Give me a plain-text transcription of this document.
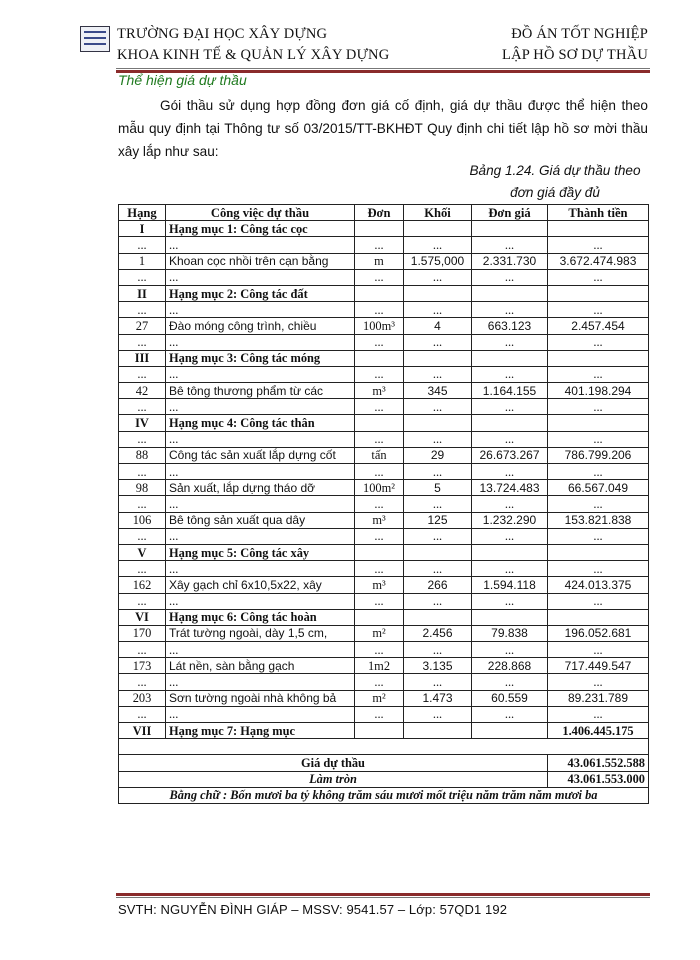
TRƯỜNG ĐẠI HỌC XÂY DỰNG
KHOA KINH TẾ & QUẢN LÝ XÂY DỰNG
ĐỒ ÁN TỐT NGHIỆP
LẬP HỒ SƠ DỰ THẦU
Thể hiện giá dự thầu
Gói thầu sử dụng hợp đồng đơn giá cố định, giá dự thầu được thể hiện theo mẫu quy định tại Thông tư số 03/2015/TT-BKHĐT Quy định chi tiết lập hồ sơ mời thầu xây lắp như sau:
Bảng 1.24. Giá dự thầu theo
đơn giá đầy đủ
Hạng	Công việc dự thầu	Đơn	Khối	Đơn giá	Thành tiền
I	Hạng mục 1: Công tác cọc				
...	...	...	...	...	...
1	Khoan cọc nhồi trên cạn bằng	m	1.575,000	2.331.730	3.672.474.983
...	...	...	...	...	...
II	Hạng mục 2: Công tác đất				
...	...	...	...	...	...
27	Đào móng công trình, chiều	100m³	4	663.123	2.457.454
...	...	...	...	...	...
III	Hạng mục 3: Công tác móng				
...	...	...	...	...	...
42	Bê tông thương phẩm từ các	m³	345	1.164.155	401.198.294
...	...	...	...	...	...
IV	Hạng mục 4: Công tác thân				
...	...	...	...	...	...
88	Công tác sản xuất lắp dựng cốt	tấn	29	26.673.267	786.799.206
...	...	...	...	...	...
98	Sản xuất, lắp dựng tháo dỡ	100m²	5	13.724.483	66.567.049
...	...	...	...	...	...
106	Bê tông sản xuất qua dây	m³	125	1.232.290	153.821.838
...	...	...	...	...	...
V	Hạng mục 5: Công tác xây				
...	...	...	...	...	...
162	Xây gạch chỉ 6x10,5x22, xây	m³	266	1.594.118	424.013.375
...	...	...	...	...	...
VI	Hạng mục 6: Công tác hoàn				
170	Trát tường ngoài, dày 1,5 cm,	m²	2.456	79.838	196.052.681
...	...	...	...	...	...
173	Lát nền, sàn bằng gạch	1m2	3.135	228.868	717.449.547
...	...	...	...	...	...
203	Sơn tường ngoài nhà không bả	m²	1.473	60.559	89.231.789
...	...	...	...	...	...
VII	Hạng mục 7: Hạng mục				1.406.445.175

Giá dự thầu					43.061.552.588
Làm tròn					43.061.553.000
Bằng chữ : Bốn mươi ba tỷ không trăm sáu mươi mốt triệu năm trăm năm mươi ba					
SVTH: NGUYỄN ĐÌNH GIÁP – MSSV: 9541.57 – Lớp: 57QD1 192
